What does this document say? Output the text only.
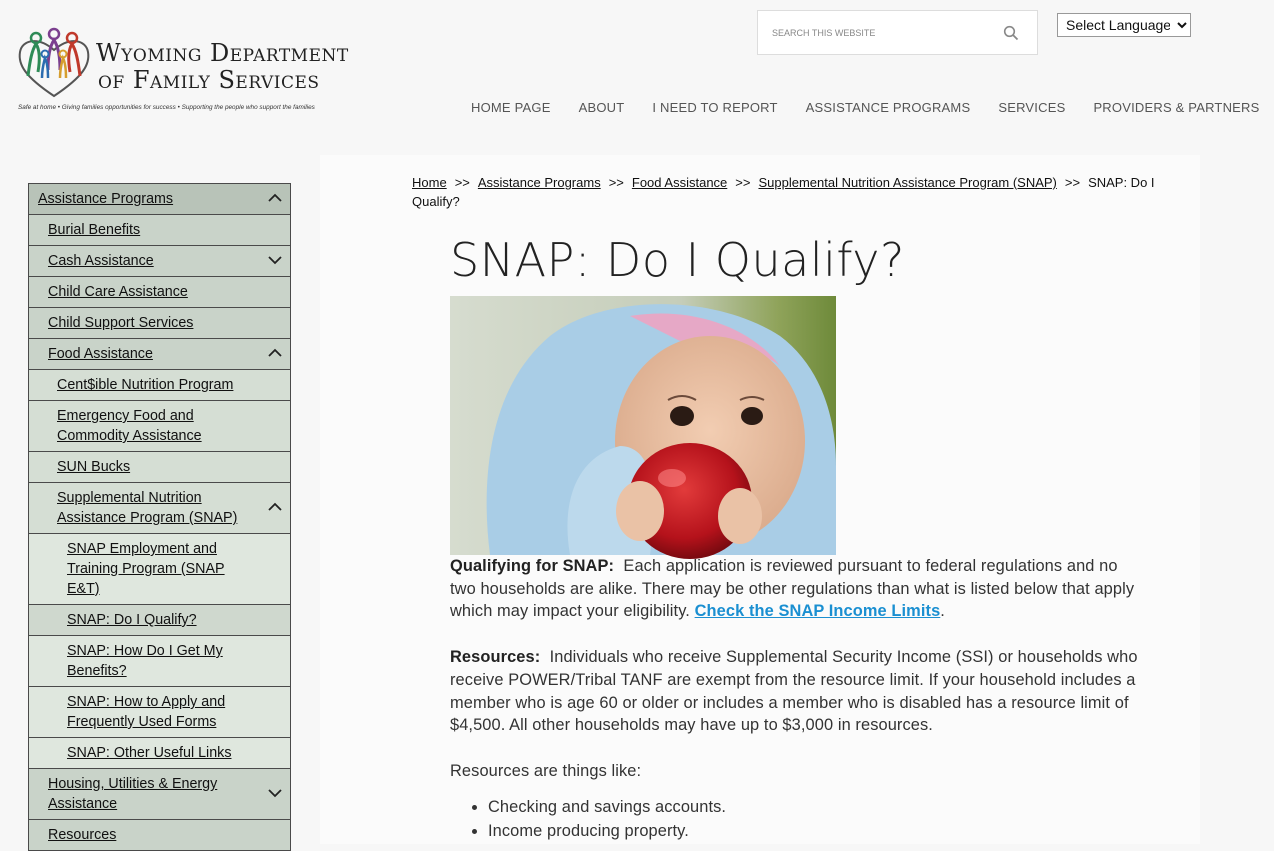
Wyoming Department
of Family Services
Safe at home • Giving families opportunities for success • Supporting the people who support the families
SEARCH THIS WEBSITE
Select Language	HOME PAGE	ABOUT	I NEED TO REPORT	ASSISTANCE PROGRAMS	SERVICES	PROVIDERS & PARTNERS
Assistance Programs
Burial Benefits
Cash Assistance
Child Care Assistance
Child Support Services
Food Assistance
Cent$ible Nutrition Program
Emergency Food and Commodity Assistance
SUN Bucks
Supplemental Nutrition Assistance Program (SNAP)
SNAP Employment and Training Program (SNAP E&T)
SNAP: Do I Qualify?
SNAP: How Do I Get My Benefits?
SNAP: How to Apply and Frequently Used Forms
SNAP: Other Useful Links
Housing, Utilities & Energy Assistance
Resources
Home >> Assistance Programs >> Food Assistance >> Supplemental Nutrition Assistance Program (SNAP) >> SNAP: Do I Qualify?
SNAP: Do I Qualify?

Qualifying for SNAP: Each application is reviewed pursuant to federal regulations and no two households are alike. There may be other regulations than what is listed below that apply which may impact your eligibility. Check the SNAP Income Limits.

Resources: Individuals who receive Supplemental Security Income (SSI) or households who receive POWER/Tribal TANF are exempt from the resource limit. If your household includes a member who is age 60 or older or includes a member who is disabled has a resource limit of $4,500. All other households may have up to $3,000 in resources.

Resources are things like:

• Checking and savings accounts.
• Income producing property.
